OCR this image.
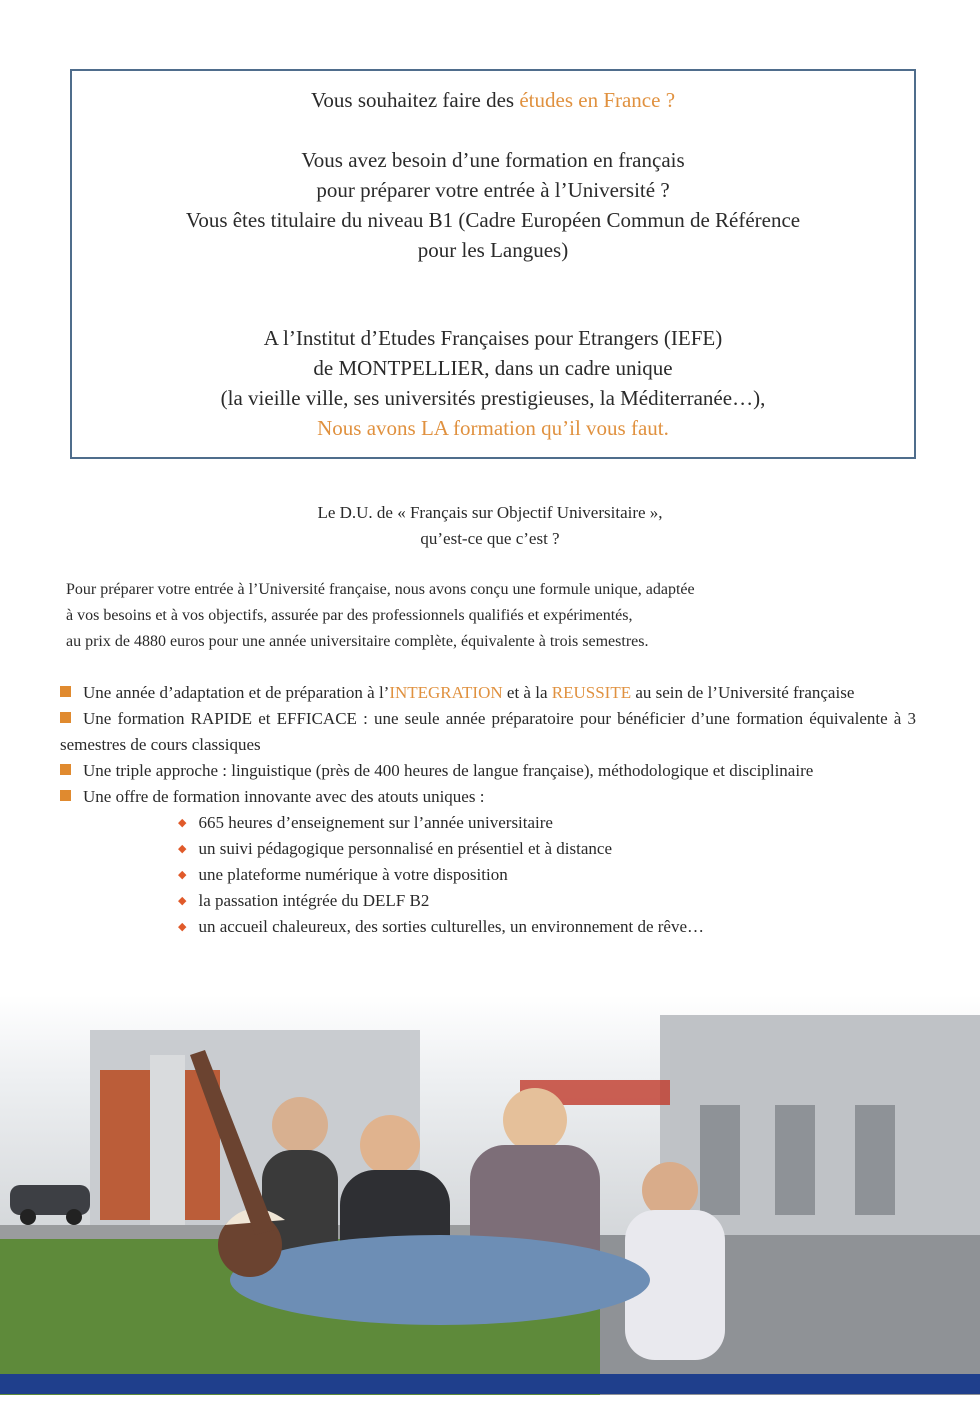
Vous souhaitez faire des études en France ?

Vous avez besoin d’une formation en français
pour préparer votre entrée à l’Université ?
Vous êtes titulaire du niveau B1 (Cadre Européen Commun de Référence
pour les Langues)

A l’Institut d’Etudes Françaises pour Etrangers (IEFE)
de MONTPELLIER, dans un cadre unique
(la vieille ville, ses universités prestigieuses, la Méditerranée…),
Nous avons LA formation qu’il vous faut.

Le D.U. de « Français sur Objectif Universitaire »,
qu’est-ce que c’est ?

Pour préparer votre entrée à l’Université française, nous avons conçu une formule unique, adaptée
à vos besoins et à vos objectifs, assurée par des professionnels qualifiés et expérimentés,
au prix de 4880 euros pour une année universitaire complète, équivalente à trois semestres.

Une année d’adaptation et de préparation à l’INTEGRATION et à la REUSSITE au sein de l’Université française
Une formation RAPIDE et EFFICACE : une seule année préparatoire pour bénéficier d’une formation équivalente à 3 semestres de cours classiques
Une triple approche : linguistique (près de 400 heures de langue française), méthodologique et disciplinaire
Une offre de formation innovante avec des atouts uniques :
◆ 665 heures d’enseignement sur l’année universitaire
◆ un suivi pédagogique personnalisé en présentiel et à distance
◆ une plateforme numérique à votre disposition
◆ la passation intégrée du DELF B2
◆ un accueil chaleureux, des sorties culturelles, un environnement de rêve…
